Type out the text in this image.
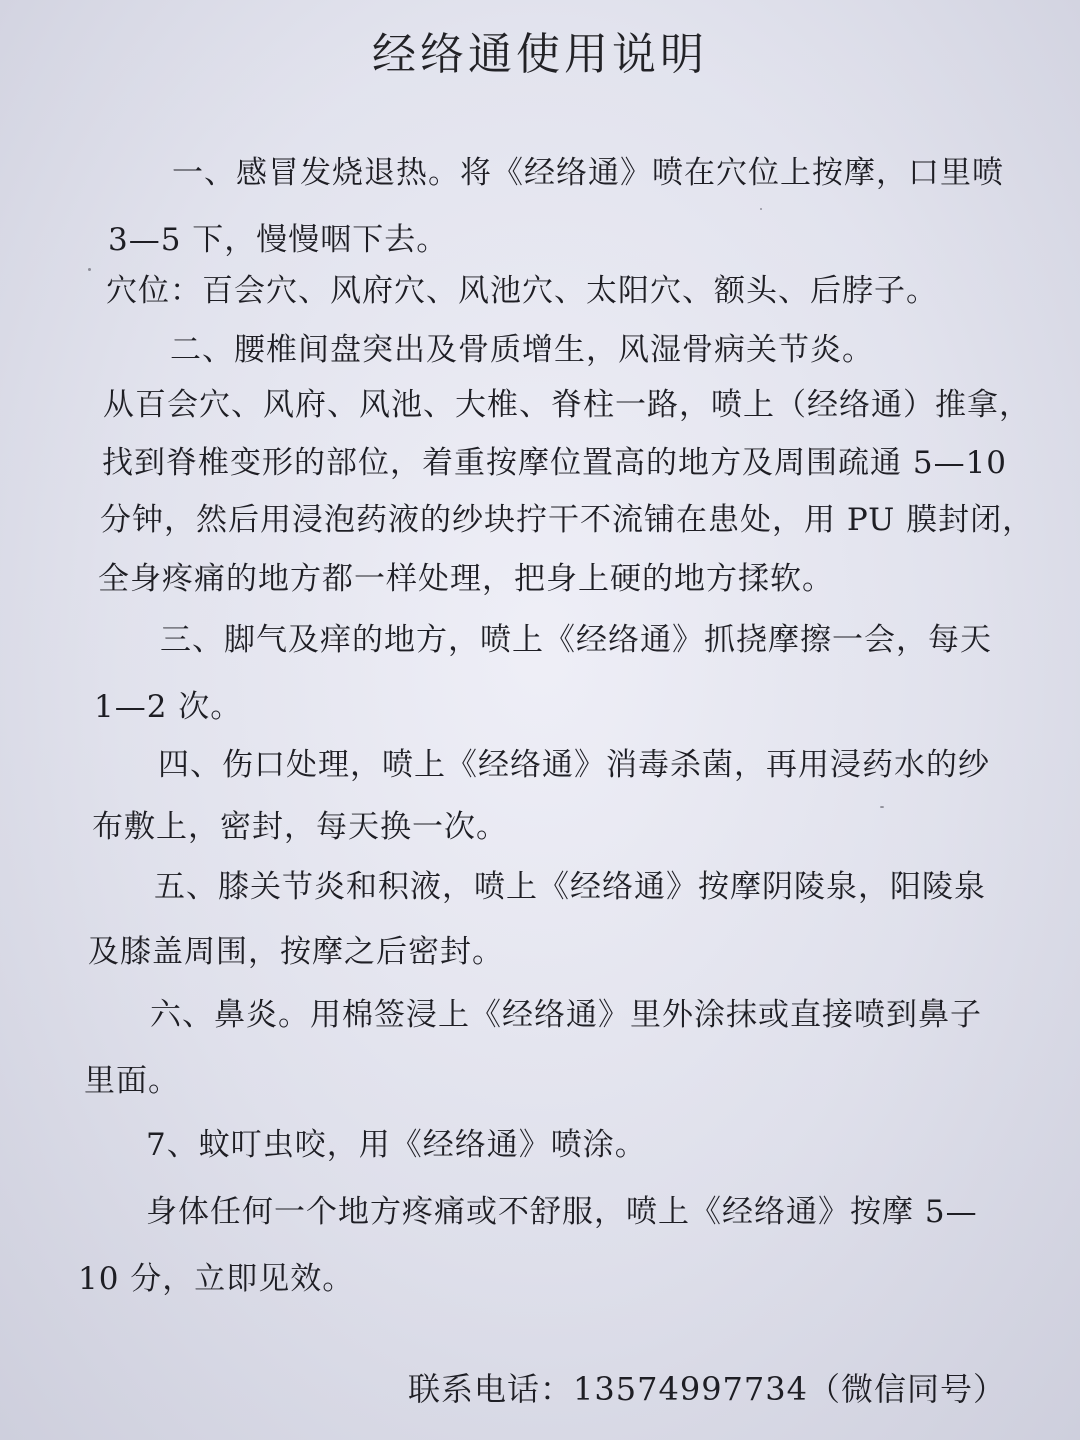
经络通使用说明
一、感冒发烧退热。将《经络通》喷在穴位上按摩，口里喷
3—5 下，慢慢咽下去。
穴位：百会穴、风府穴、风池穴、太阳穴、额头、后脖子。
二、腰椎间盘突出及骨质增生，风湿骨病关节炎。
从百会穴、风府、风池、大椎、脊柱一路，喷上（经络通）推拿，
找到脊椎变形的部位，着重按摩位置高的地方及周围疏通 5—10
分钟，然后用浸泡药液的纱块拧干不流铺在患处，用 PU 膜封闭，
全身疼痛的地方都一样处理，把身上硬的地方揉软。
三、脚气及痒的地方，喷上《经络通》抓挠摩擦一会，每天
1—2 次。
四、伤口处理，喷上《经络通》消毒杀菌，再用浸药水的纱
布敷上，密封，每天换一次。
五、膝关节炎和积液，喷上《经络通》按摩阴陵泉，阳陵泉
及膝盖周围，按摩之后密封。
六、鼻炎。用棉签浸上《经络通》里外涂抹或直接喷到鼻子
里面。
7、蚊叮虫咬，用《经络通》喷涂。
身体任何一个地方疼痛或不舒服，喷上《经络通》按摩 5—
10 分，立即见效。
联系电话：13574997734（微信同号）
